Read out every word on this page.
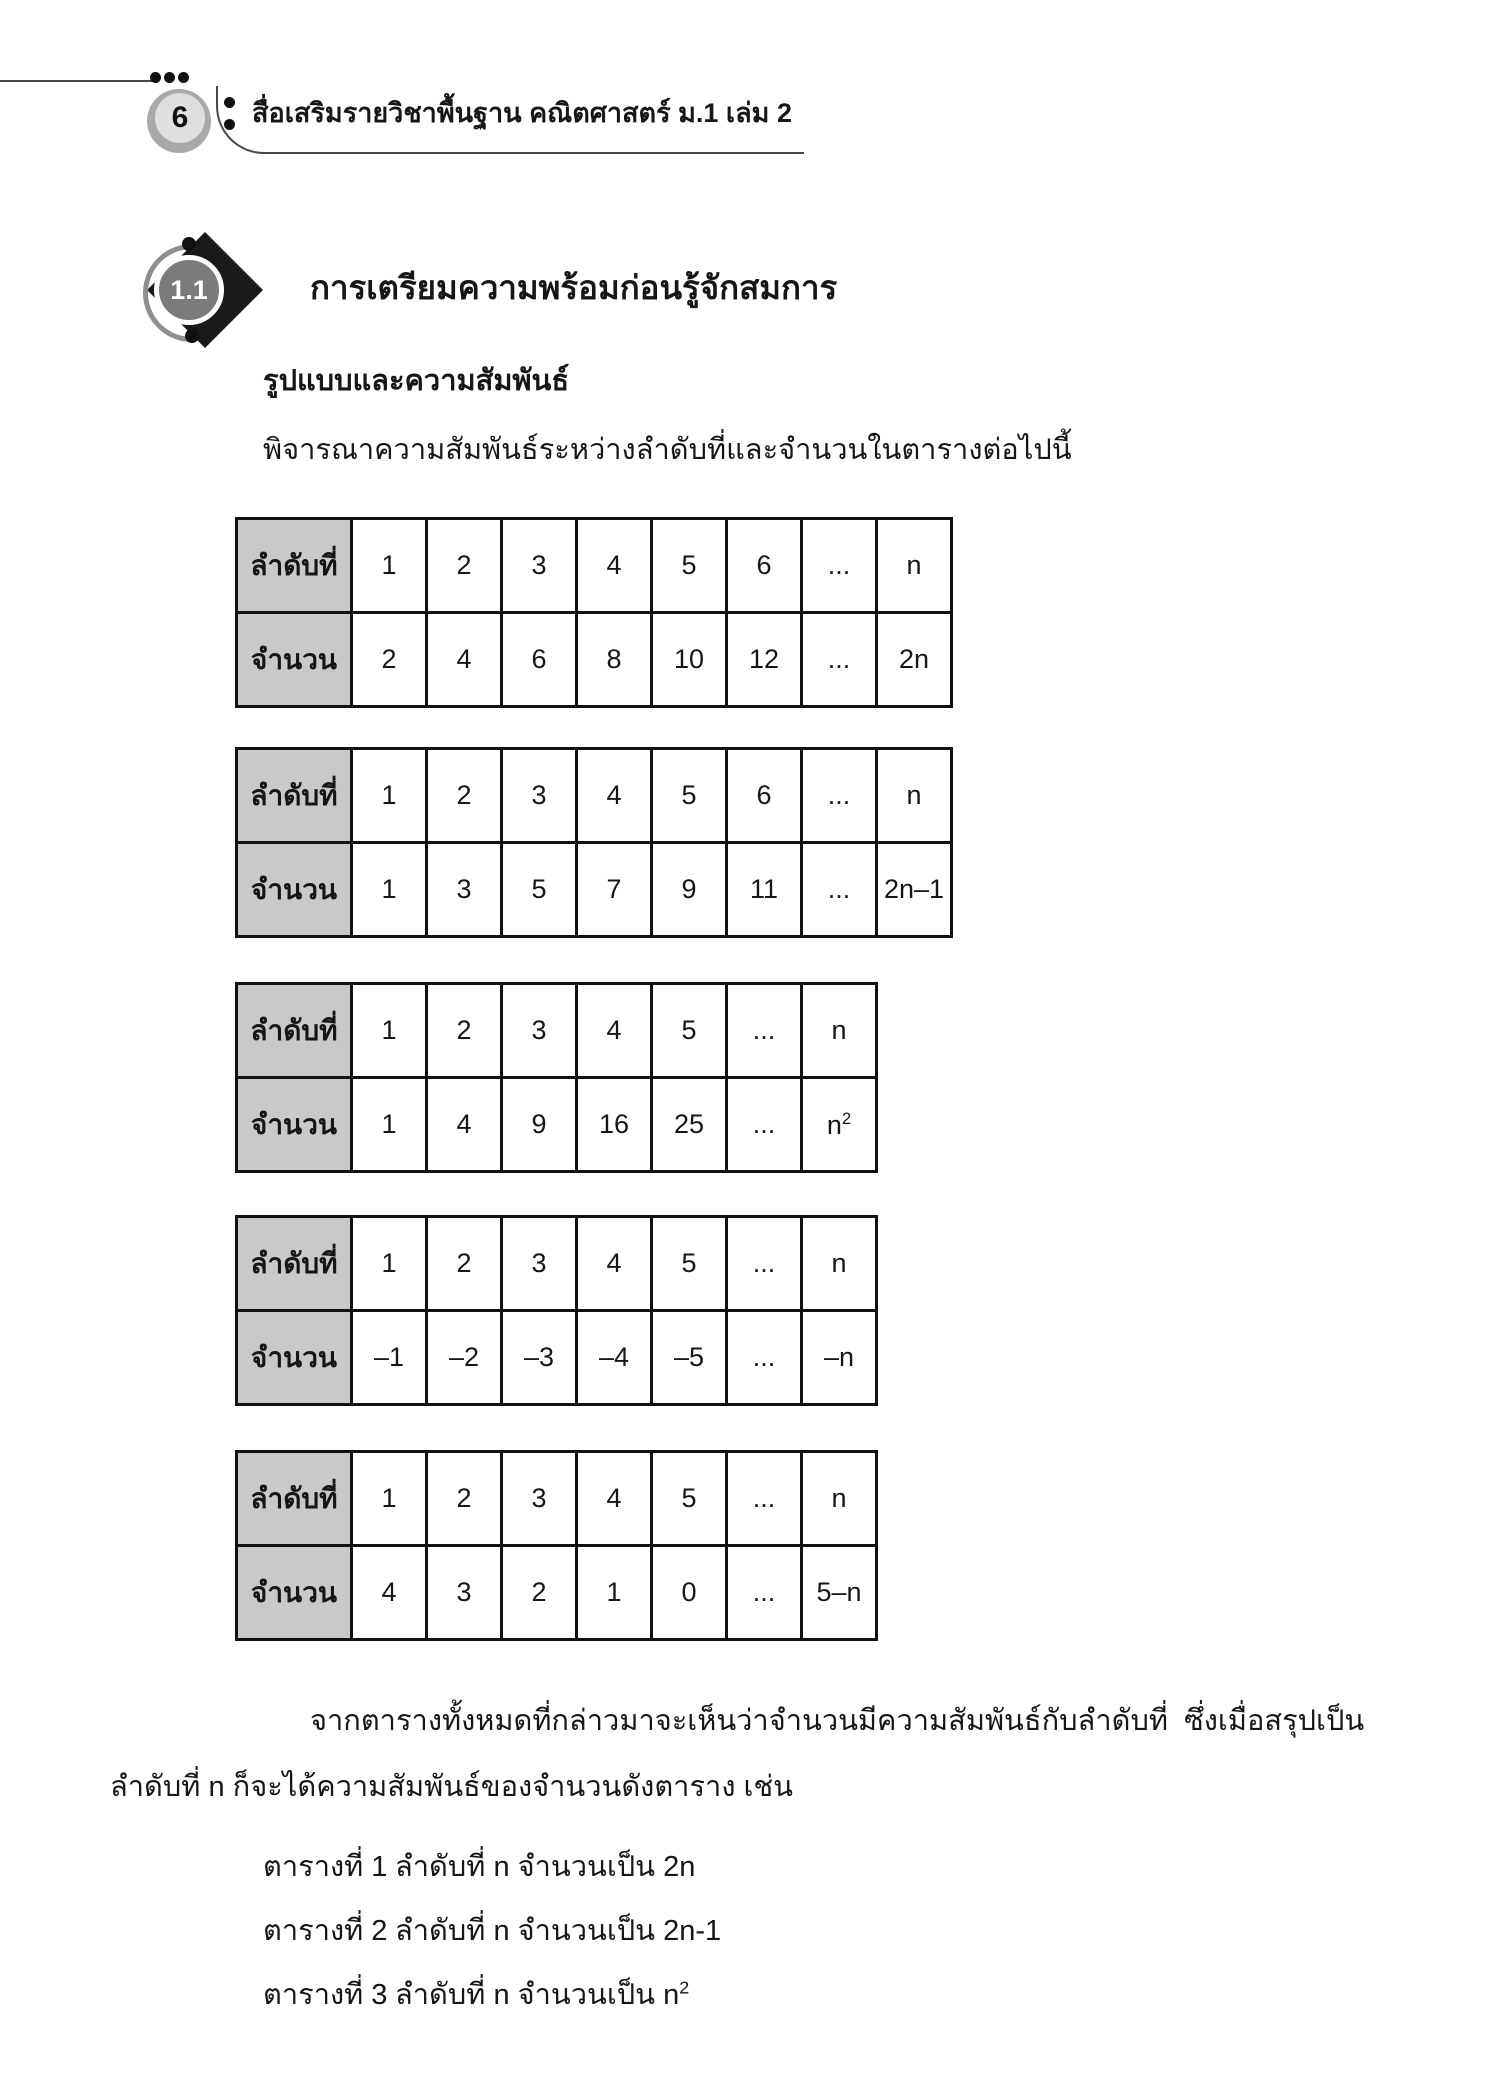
6	สื่อเสริมรายวิชาพื้นฐาน คณิตศาสตร์ ม.1 เล่ม 2
1.1	การเตรียมความพร้อมก่อนรู้จักสมการ
รูปแบบและความสัมพันธ์
พิจารณาความสัมพันธ์ระหว่างลำดับที่และจำนวนในตารางต่อไปนี้
ลำดับที่	1	2	3	4	5	6	...	n
จำนวน	2	4	6	8	10	12	...	2n
ลำดับที่	1	2	3	4	5	6	...	n
จำนวน	1	3	5	7	9	11	...	2n–1
ลำดับที่	1	2	3	4	5	...	n
จำนวน	1	4	9	16	25	...	$n^2$
ลำดับที่	1	2	3	4	5	...	n
จำนวน	–1	–2	–3	–4	–5	...	–n
ลำดับที่	1	2	3	4	5	...	n
จำนวน	4	3	2	1	0	...	5–n
จากตารางทั้งหมดที่กล่าวมาจะเห็นว่าจำนวนมีความสัมพันธ์กับลำดับที่  ซึ่งเมื่อสรุปเป็น
ลำดับที่ n ก็จะได้ความสัมพันธ์ของจำนวนดังตาราง เช่น
ตารางที่ 1 ลำดับที่ n จำนวนเป็น 2n
ตารางที่ 2 ลำดับที่ n จำนวนเป็น 2n-1
ตารางที่ 3 ลำดับที่ n จำนวนเป็น $n^2$
